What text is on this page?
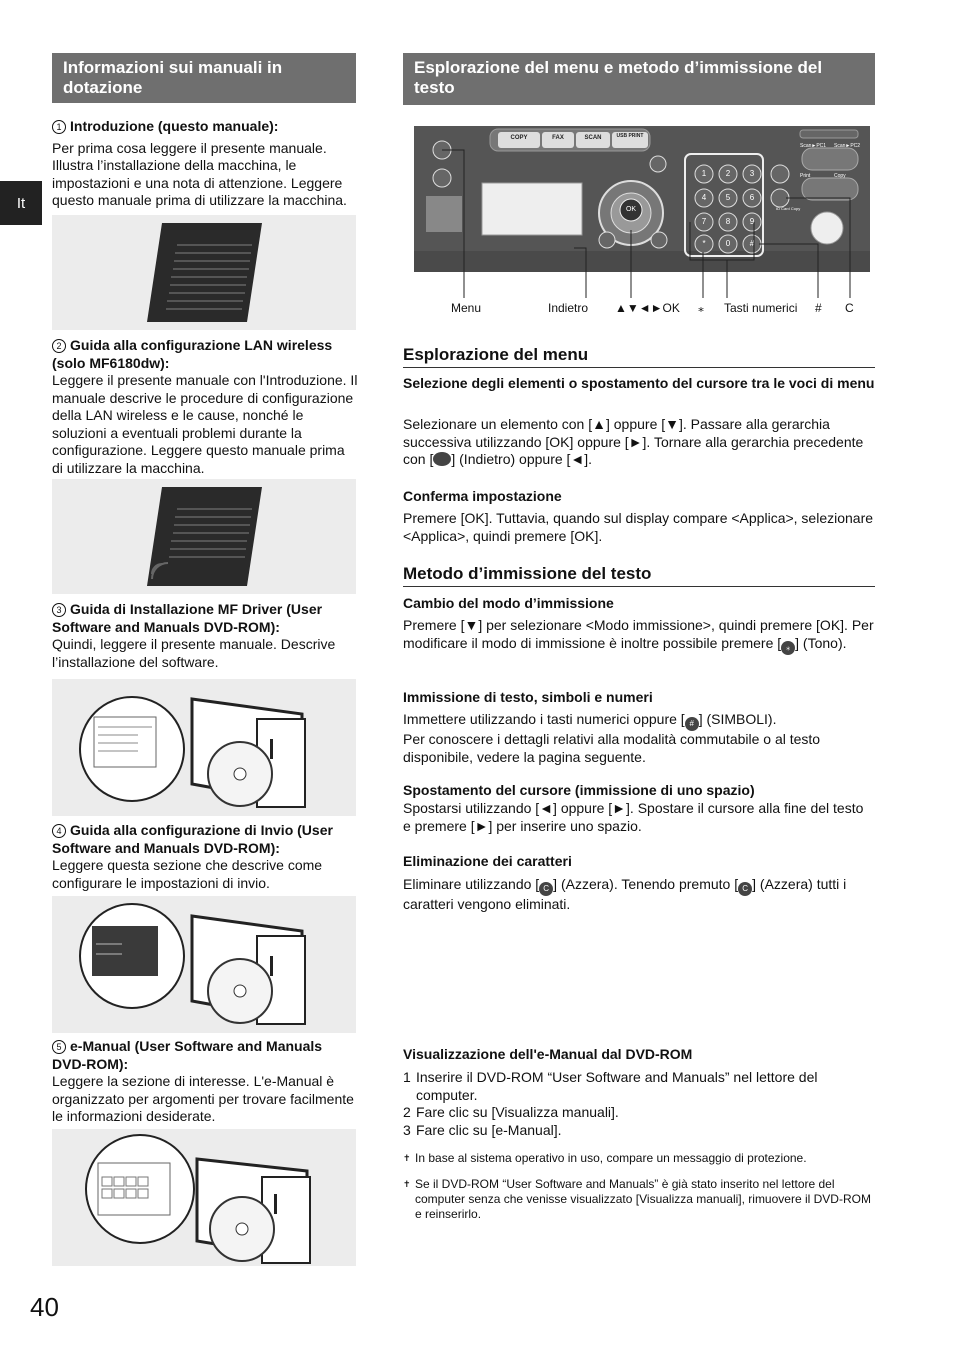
It
Informazioni sui manuali in dotazione
1 Introduzione (questo manuale):
Per prima cosa leggere il presente manuale. Illustra l’installazione della macchina, le impostazioni e una nota di attenzione. Leggere questo manuale prima di utilizzare la macchina.
2 Guida alla configurazione LAN wireless (solo MF6180dw):
Leggere il presente manuale con l'Introduzione. Il manuale descrive le procedure di configurazione della LAN wireless e le cause, nonché le soluzioni a eventuali problemi durante la configurazione. Leggere questo manuale prima di utilizzare la macchina.
3 Guida di Installazione MF Driver (User Software and Manuals DVD-ROM):
Quindi, leggere il presente manuale. Descrive l’installazione del software.
4 Guida alla configurazione di Invio (User Software and Manuals DVD-ROM):
Leggere questa sezione che descrive come configurare le impostazioni di invio.
5 e-Manual (User Software and Manuals DVD-ROM):
Leggere la sezione di interesse. L'e-Manual è organizzato per argomenti per trovare facilmente le informazioni desiderate.
Esplorazione del menu e metodo d’immissione del testo
COPY	FAX	SCAN	USB PRINT
OK
Scan►PC1	Scan►PC2
Print	Copy
ID Card Copy
1	2	3
4	5	6
7	8	9
*	0	#
Menu	Indietro ▲▼◄►OK ⁎ Tasti numerici # C
Esplorazione del menu
Selezione degli elementi o spostamento del cursore tra le voci di menu
Selezionare un elemento con [▲] oppure [▼]. Passare alla gerarchia successiva utilizzando [OK] oppure [►]. Tornare alla gerarchia precedente con [ ] (Indietro) oppure [◄].
Conferma impostazione
Premere [OK]. Tuttavia, quando sul display compare <Applica>, selezionare <Applica>, quindi premere [OK].
Metodo d’immissione del testo
Cambio del modo d’immissione
Premere [▼] per selezionare <Modo immissione>, quindi premere [OK]. Per modificare il modo di immissione è inoltre possibile premere [ ⁎ ] (Tono).
Immissione di testo, simboli e numeri
Immettere utilizzando i tasti numerici oppure [ # ] (SIMBOLI).
Per conoscere i dettagli relativi alla modalità commutabile o al testo disponibile, vedere la pagina seguente.
Spostamento del cursore (immissione di uno spazio)
Spostarsi utilizzando [◄] oppure [►]. Spostare il cursore alla fine del testo e premere [►] per inserire uno spazio.
Eliminazione dei caratteri
Eliminare utilizzando [ C ] (Azzera). Tenendo premuto [ C ] (Azzera) tutti i caratteri vengono eliminati.
Visualizzazione dell'e-Manual dal DVD-ROM
1 Inserire il DVD-ROM “User Software and Manuals” nel lettore del computer.
2 Fare clic su [Visualizza manuali].
3 Fare clic su [e-Manual].
✝ In base al sistema operativo in uso, compare un messaggio di protezione.
✝ Se il DVD-ROM “User Software and Manuals” è già stato inserito nel lettore del computer senza che venisse visualizzato [Visualizza manuali], rimuovere il DVD-ROM e reinserirlo.
40
